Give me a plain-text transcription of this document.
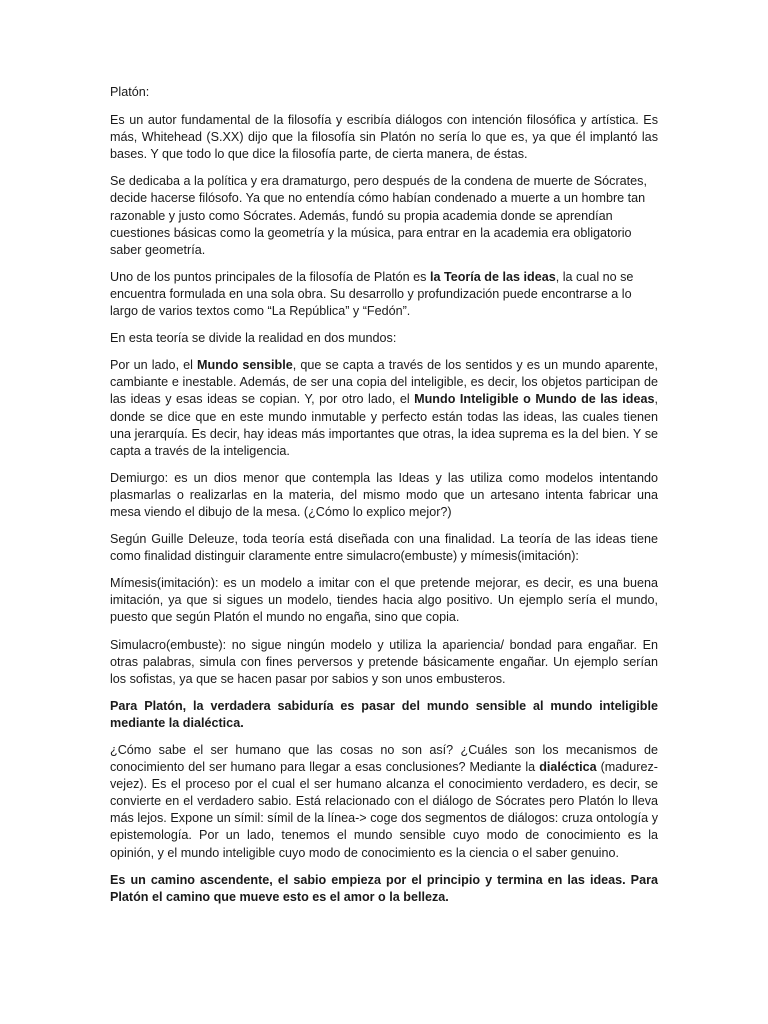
Platón:

Es un autor fundamental de la filosofía y escribía diálogos con intención filosófica y artística. Es más, Whitehead (S.XX) dijo que la filosofía sin Platón no sería lo que es, ya que él implantó las bases. Y que todo lo que dice la filosofía parte, de cierta manera, de éstas.

Se dedicaba a la política y era dramaturgo, pero después de la condena de muerte de Sócrates, decide hacerse filósofo. Ya que no entendía cómo habían condenado a muerte a un hombre tan razonable y justo como Sócrates. Además, fundó su propia academia donde se aprendían cuestiones básicas como la geometría y la música, para entrar en la academia era obligatorio saber geometría.

Uno de los puntos principales de la filosofía de Platón es la Teoría de las ideas, la cual no se encuentra formulada en una sola obra. Su desarrollo y profundización puede encontrarse a lo largo de varios textos como “La República” y “Fedón”.

En esta teoría se divide la realidad en dos mundos:

Por un lado, el Mundo sensible, que se capta a través de los sentidos y es un mundo aparente, cambiante e inestable. Además, de ser una copia del inteligible, es decir, los objetos participan de las ideas y esas ideas se copian. Y, por otro lado, el Mundo Inteligible o Mundo de las ideas, donde se dice que en este mundo inmutable y perfecto están todas las ideas, las cuales tienen una jerarquía. Es decir, hay ideas más importantes que otras, la idea suprema es la del bien. Y se capta a través de la inteligencia.

Demiurgo: es un dios menor que contempla las Ideas y las utiliza como modelos intentando plasmarlas o realizarlas en la materia, del mismo modo que un artesano intenta fabricar una mesa viendo el dibujo de la mesa. (¿Cómo lo explico mejor?)

Según Guille Deleuze, toda teoría está diseñada con una finalidad. La teoría de las ideas tiene como finalidad distinguir claramente entre simulacro(embuste) y mímesis(imitación):

Mímesis(imitación): es un modelo a imitar con el que pretende mejorar, es decir, es una buena imitación, ya que si sigues un modelo, tiendes hacia algo positivo. Un ejemplo sería el mundo, puesto que según Platón el mundo no engaña, sino que copia.

Simulacro(embuste): no sigue ningún modelo y utiliza la apariencia/ bondad para engañar. En otras palabras, simula con fines perversos y pretende básicamente engañar. Un ejemplo serían los sofistas, ya que se hacen pasar por sabios y son unos embusteros.

Para Platón, la verdadera sabiduría es pasar del mundo sensible al mundo inteligible mediante la dialéctica.

¿Cómo sabe el ser humano que las cosas no son así? ¿Cuáles son los mecanismos de conocimiento del ser humano para llegar a esas conclusiones? Mediante la dialéctica (madurez-vejez). Es el proceso por el cual el ser humano alcanza el conocimiento verdadero, es decir, se convierte en el verdadero sabio. Está relacionado con el diálogo de Sócrates pero Platón lo lleva más lejos. Expone un símil: símil de la línea-> coge dos segmentos de diálogos: cruza ontología y epistemología. Por un lado, tenemos el mundo sensible cuyo modo de conocimiento es la opinión, y el mundo inteligible cuyo modo de conocimiento es la ciencia o el saber genuino.

Es un camino ascendente, el sabio empieza por el principio y termina en las ideas. Para Platón el camino que mueve esto es el amor o la belleza.
